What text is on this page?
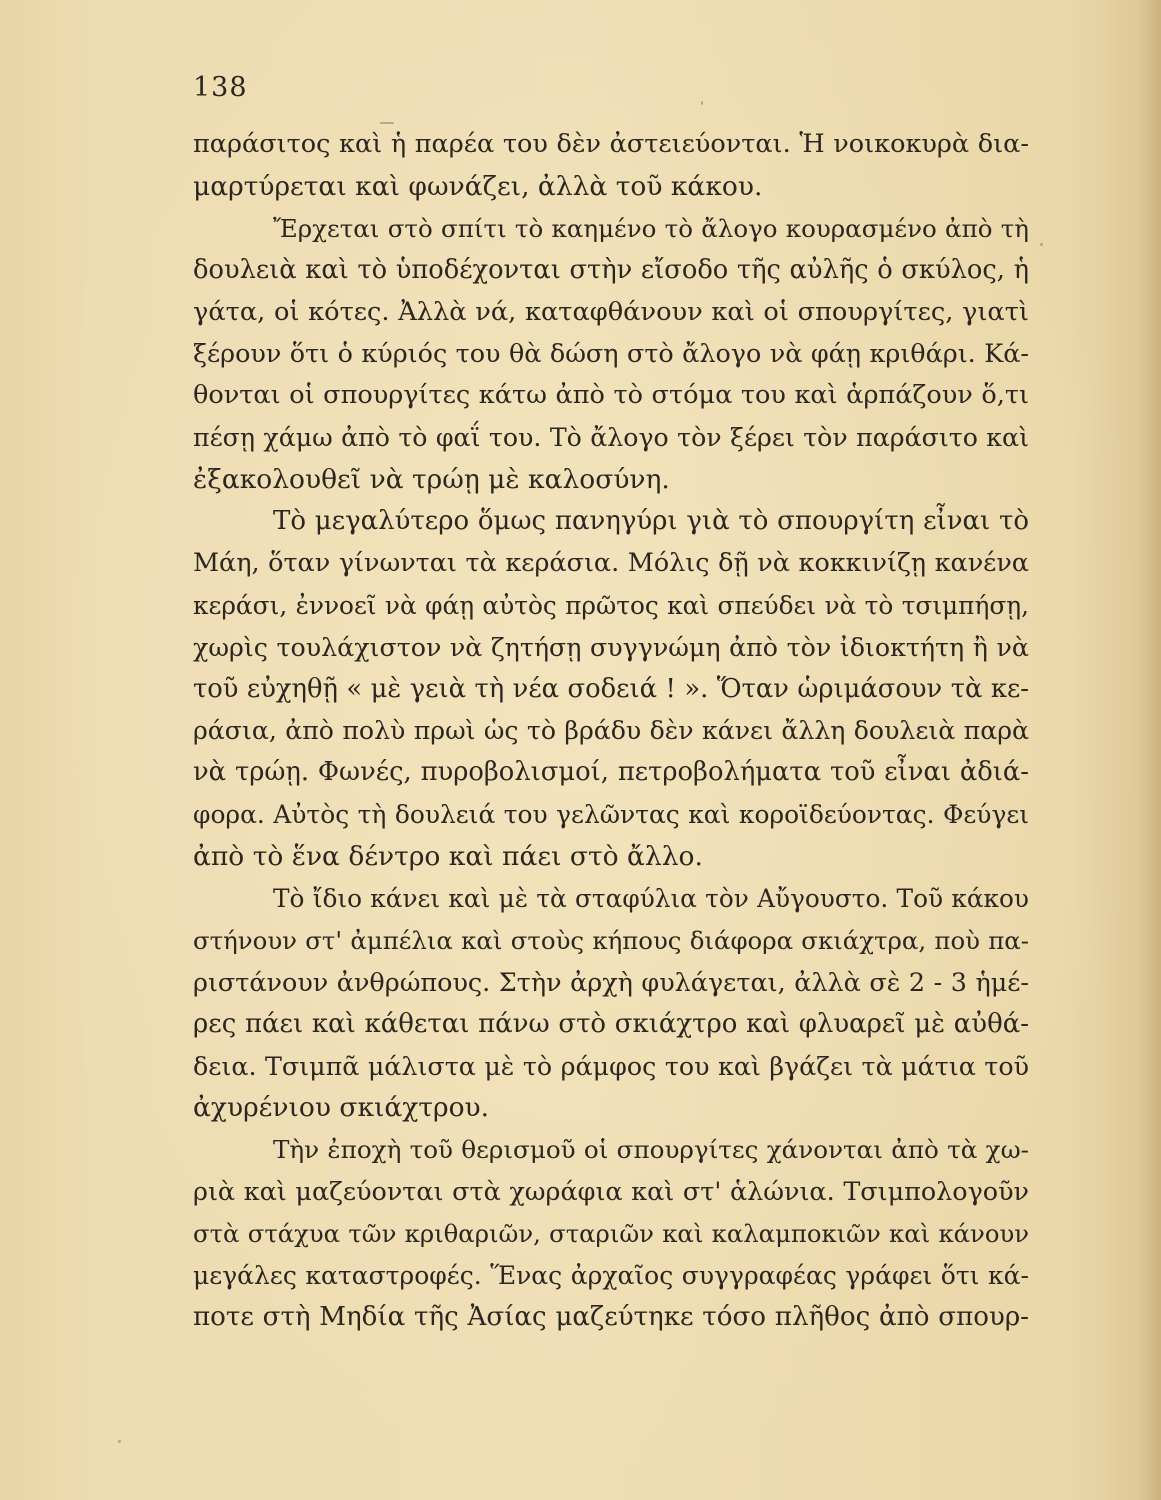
138
παράσιτος καὶ ἡ παρέα του δὲν ἀστειεύονται. Ἡ νοικοκυρὰ δια-
μαρτύρεται καὶ φωνάζει, ἀλλὰ τοῦ κάκου.
Ἔρχεται στὸ σπίτι τὸ καημένο τὸ ἄλογο κουρασμένο ἀπὸ τὴ
δουλειὰ καὶ τὸ ὑποδέχονται στὴν εἴσοδο τῆς αὐλῆς ὁ σκύλος, ἡ
γάτα, οἱ κότες. Ἀλλὰ νά, καταφθάνουν καὶ οἱ σπουργίτες, γιατὶ
ξέρουν ὅτι ὁ κύριός του θὰ δώση στὸ ἄλογο νὰ φάῃ κριθάρι. Κά-
θονται οἱ σπουργίτες κάτω ἀπὸ τὸ στόμα του καὶ ἁρπάζουν ὅ,τι
πέσῃ χάμω ἀπὸ τὸ φαΐ του. Τὸ ἄλογο τὸν ξέρει τὸν παράσιτο καὶ
ἐξακολουθεῖ νὰ τρώῃ μὲ καλοσύνη.
Τὸ μεγαλύτερο ὅμως πανηγύρι γιὰ τὸ σπουργίτη εἶναι τὸ
Μάη, ὅταν γίνωνται τὰ κεράσια. Μόλις δῇ νὰ κοκκινίζῃ κανένα
κεράσι, ἐννοεῖ νὰ φάῃ αὐτὸς πρῶτος καὶ σπεύδει νὰ τὸ τσιμπήσῃ,
χωρὶς τουλάχιστον νὰ ζητήσῃ συγγνώμη ἀπὸ τὸν ἰδιοκτήτη ἢ νὰ
τοῦ εὐχηθῇ « μὲ γειὰ τὴ νέα σοδειά ! ». Ὅταν ὡριμάσουν τὰ κε-
ράσια, ἀπὸ πολὺ πρωὶ ὡς τὸ βράδυ δὲν κάνει ἄλλη δουλειὰ παρὰ
νὰ τρώῃ. Φωνές, πυροβολισμοί, πετροβολήματα τοῦ εἶναι ἀδιά-
φορα. Αὐτὸς τὴ δουλειά του γελῶντας καὶ κοροϊδεύοντας. Φεύγει
ἀπὸ τὸ ἕνα δέντρο καὶ πάει στὸ ἄλλο.
Τὸ ἴδιο κάνει καὶ μὲ τὰ σταφύλια τὸν Αὔγουστο. Τοῦ κάκου
στήνουν στ' ἀμπέλια καὶ στοὺς κήπους διάφορα σκιάχτρα, ποὺ πα-
ριστάνουν ἀνθρώπους. Στὴν ἀρχὴ φυλάγεται, ἀλλὰ σὲ 2 - 3 ἡμέ-
ρες πάει καὶ κάθεται πάνω στὸ σκιάχτρο καὶ φλυαρεῖ μὲ αὐθά-
δεια. Τσιμπᾶ μάλιστα μὲ τὸ ράμφος του καὶ βγάζει τὰ μάτια τοῦ
ἀχυρένιου σκιάχτρου.
Τὴν ἐποχὴ τοῦ θερισμοῦ οἱ σπουργίτες χάνονται ἀπὸ τὰ χω-
ριὰ καὶ μαζεύονται στὰ χωράφια καὶ στ' ἁλώνια. Τσιμπολογοῦν
στὰ στάχυα τῶν κριθαριῶν, σταριῶν καὶ καλαμποκιῶν καὶ κάνουν
μεγάλες καταστροφές. Ἕνας ἀρχαῖος συγγραφέας γράφει ὅτι κά-
ποτε στὴ Μηδία τῆς Ἀσίας μαζεύτηκε τόσο πλῆθος ἀπὸ σπουρ-
